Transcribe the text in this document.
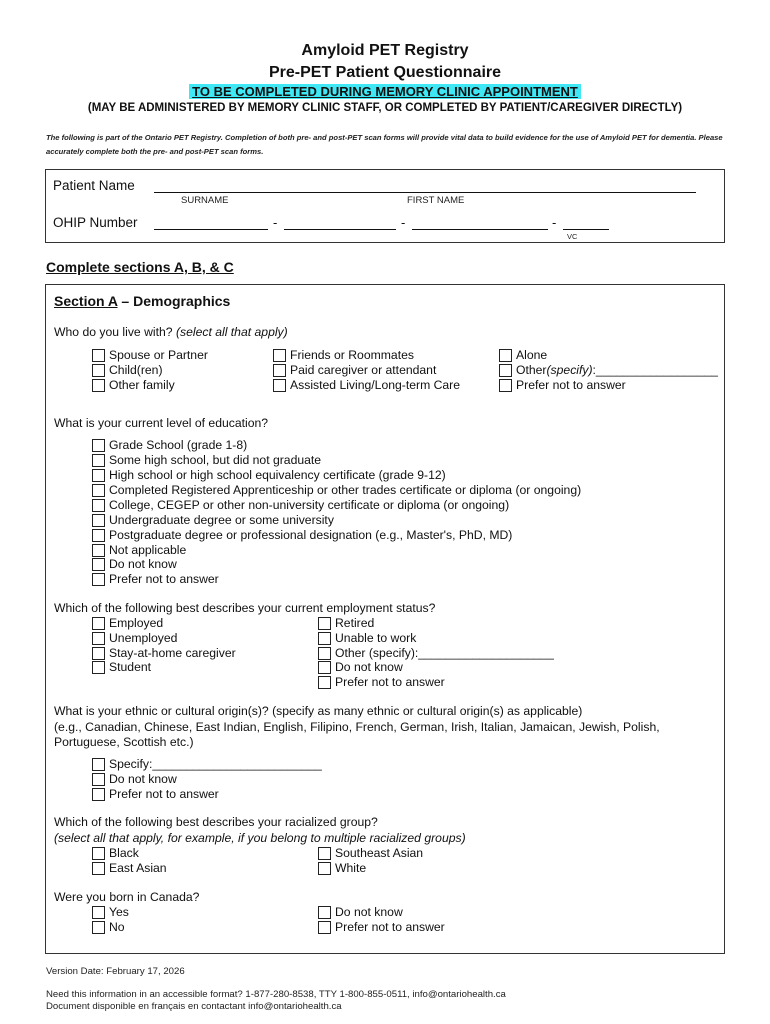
Amyloid PET Registry
Pre-PET Patient Questionnaire
TO BE COMPLETED DURING MEMORY CLINIC APPOINTMENT
(MAY BE ADMINISTERED BY MEMORY CLINIC STAFF, OR COMPLETED BY PATIENT/CAREGIVER DIRECTLY)
The following is part of the Ontario PET Registry. Completion of both pre- and post-PET scan forms will provide vital data to build evidence for the use of Amyloid PET for dementia. Please accurately complete both the pre- and post-PET scan forms.
Patient Name
SURNAME	FIRST NAME
OHIP Number	-	-	-
VC
Complete sections A, B, & C
Section A – Demographics
Who do you live with? (select all that apply)
Spouse or Partner
Child(ren)
Other family
Friends or Roommates
Paid caregiver or attendant
Assisted Living/Long-term Care
Alone
Other (specify) :__________________
Prefer not to answer
What is your current level of education?
Grade School (grade 1-8)
Some high school, but did not graduate
High school or high school equivalency certificate (grade 9-12)
Completed Registered Apprenticeship or other trades certificate or diploma (or ongoing)
College, CEGEP or other non-university certificate or diploma (or ongoing)
Undergraduate degree or some university
Postgraduate degree or professional designation (e.g., Master's, PhD, MD)
Not applicable
Do not know
Prefer not to answer
Which of the following best describes your current employment status?
Employed
Unemployed
Stay-at-home caregiver
Student
Retired
Unable to work
Other (specify):____________________
Do not know
Prefer not to answer
What is your ethnic or cultural origin(s)? (specify as many ethnic or cultural origin(s) as applicable)
(e.g., Canadian, Chinese, East Indian, English, Filipino, French, German, Irish, Italian, Jamaican, Jewish, Polish,
Portuguese, Scottish etc.)
Specify:_________________________
Do not know
Prefer not to answer
Which of the following best describes your racialized group?
(select all that apply, for example, if you belong to multiple racialized groups)
Black
East Asian
Southeast Asian
White
Were you born in Canada?
Yes
No
Do not know
Prefer not to answer
Version Date: February 17, 2026
Need this information in an accessible format? 1-877-280-8538, TTY 1-800-855-0511, info@ontariohealth.ca
Document disponible en français en contactant info@ontariohealth.ca
